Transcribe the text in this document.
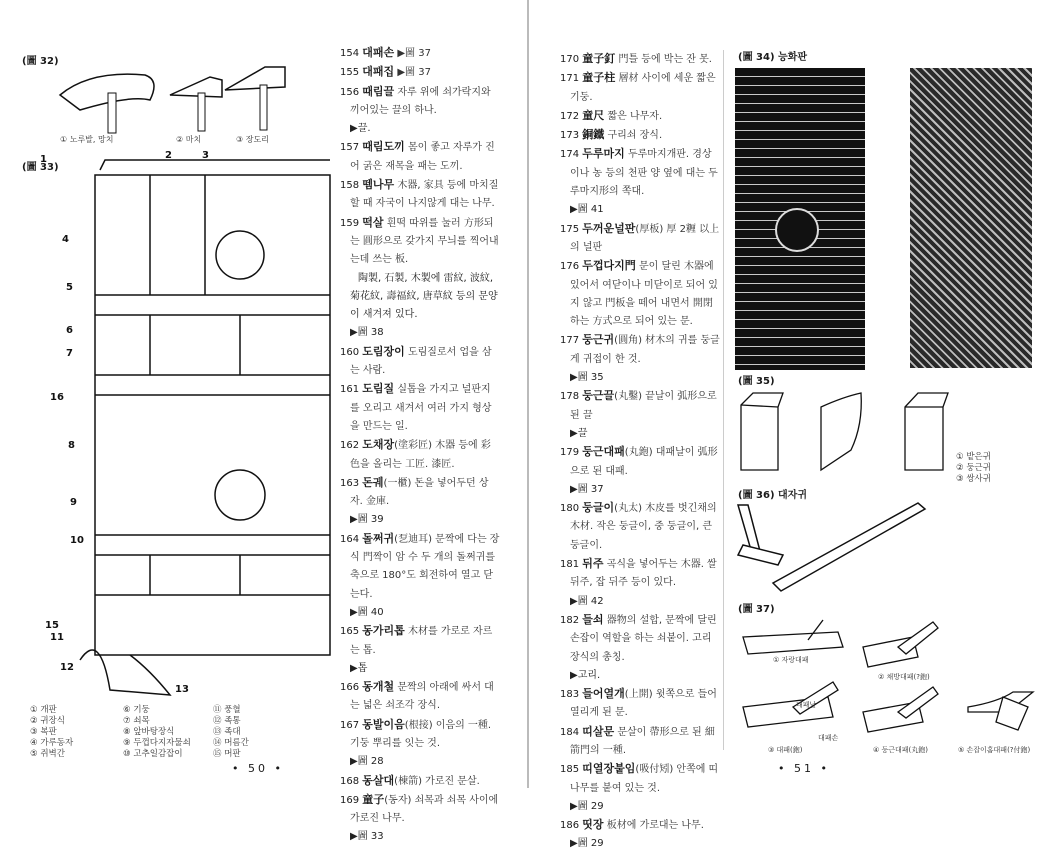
(圖 32)
① 노루발, 망치	② 마치	③ 장도리
(圖 33)
1	2	3
4
5
6
7
16
8
9
10
15
11
12
13
① 개판
② 귀장식
③ 복판
④ 가루동자
⑤ 쥐벽간
⑥ 기둥
⑦ 쇠목
⑧ 앞바탕장식
⑨ 두껍다지자물쇠
⑩ 고추일감잡이
⑪ 풍혈
⑫ 족통
⑬ 족대
⑭ 머름간
⑮ 머판

154 대패손 ▶圖 37

155 대패집 ▶圖 37

156 때림끌 자루 위에 쇠가락지와 끼어있는 끌의 하나.

▶끌.

157 때림도끼 몸이 좋고 자루가 진어 굵은 재목을 패는 도끼.

158 뗌나무 木器, 家具 등에 마치질할 때 자국이 나지않게 대는 나무.

159 떡살 흰떡 따위를 눌러 方形되는 圓形으로 갖가지 무늬를 찍어내는데 쓰는 板.

陶製, 石製, 木製에 雷紋, 波紋, 菊花紋, 壽福紋, 唐草紋 등의 문양이 새겨져 있다.

▶圖 38

160 도림장이 도림질로서 업을 삼는 사람.

161 도림질 실톱을 가지고 널판지를 오리고 새겨서 여러 가지 형상을 만드는 일.

162 도채장(塗彩匠) 木器 등에 彩色을 올리는 工匠. 漆匠.

163 돈궤(一櫃) 돈을 넣어두던 상자. 金庫.

▶圖 39

164 돌쩌귀(乭迪耳) 문짝에 다는 장식 門짝이 암 수 두 개의 돌쩌귀를 축으로 180°도 회전하여 열고 닫는다.

▶圖 40

165 동가리톱 木材를 가로로 자르는 톱.

▶톱

166 동개철 문짝의 아래에 싸서 대는 넓은 쇠조각 장식.

167 동발이음(根接) 이음의 一種. 기둥 뿌리를 잇는 것.

▶圖 28

168 동살대(棟箭) 가로진 문살.

169 童子(동자) 쇠목과 쇠목 사이에 가로진 나무.

▶圖 33

• 50 •

170 童子釘 門틀 등에 박는 잔 못.

171 童子柱 層材 사이에 세운 짧은 기둥.

172 童尺 짧은 나무자.

173 銅鐵 구리쇠 장식.

174 두루마지 두루마지개판. 경상이나 농 등의 천판 양 옆에 대는 두루마지形의 쪽대.

▶圖 41

175 두꺼운널판(厚板) 厚 2糎 以上의 널판

176 두껍다지門 문이 달린 木器에 있어서 여닫이나 미닫이로 되어 있지 않고 門板을 떼어 내면서 開閉하는 方式으로 되어 있는 문.

177 둥근귀(圓角) 材木의 귀를 둥글게 귀접이 한 것.

▶圖 35

178 둥근끌(丸鑿) 끝날이 弧形으로 된 끌

▶끌

179 둥근대패(丸鉋) 대패날이 弧形으로 된 대패.

▶圖 37

180 둥글이(丸太) 木皮를 벗긴채의 木材. 작은 둥글이, 중 둥글이, 큰 둥글이.

181 뒤주 곡식을 넣어두는 木器. 쌀 뒤주, 잡 뒤주 등이 있다.

▶圖 42

182 들쇠 器物의 설합, 문짝에 달린 손잡이 역할을 하는 쇠붙이. 고리장식의 총칭.

▶고리.

183 들어열개(上開) 윗쪽으로 들어 열리게 된 문.

184 띠살문 문살이 帶形으로 된 細箭門의 一種.

185 띠열장붙임(吸付矧) 안쪽에 띠나무를 붙여 있는 것.

▶圖 29

186 띳장 板材에 가로대는 나무.

▶圖 29

(圖 34) 능화판
(圖 35)
① 밭은귀
② 둥근귀
③ 쌍사귀
(圖 36) 대자귀
(圖 37)
① 자랑대패
② 채방대패(?鉋)
대패날
대패손
③ 대패(鉋)	④ 둥근대패(丸鉋)	⑤ 손잡이홈대패(?付鉋)
• 51 •
